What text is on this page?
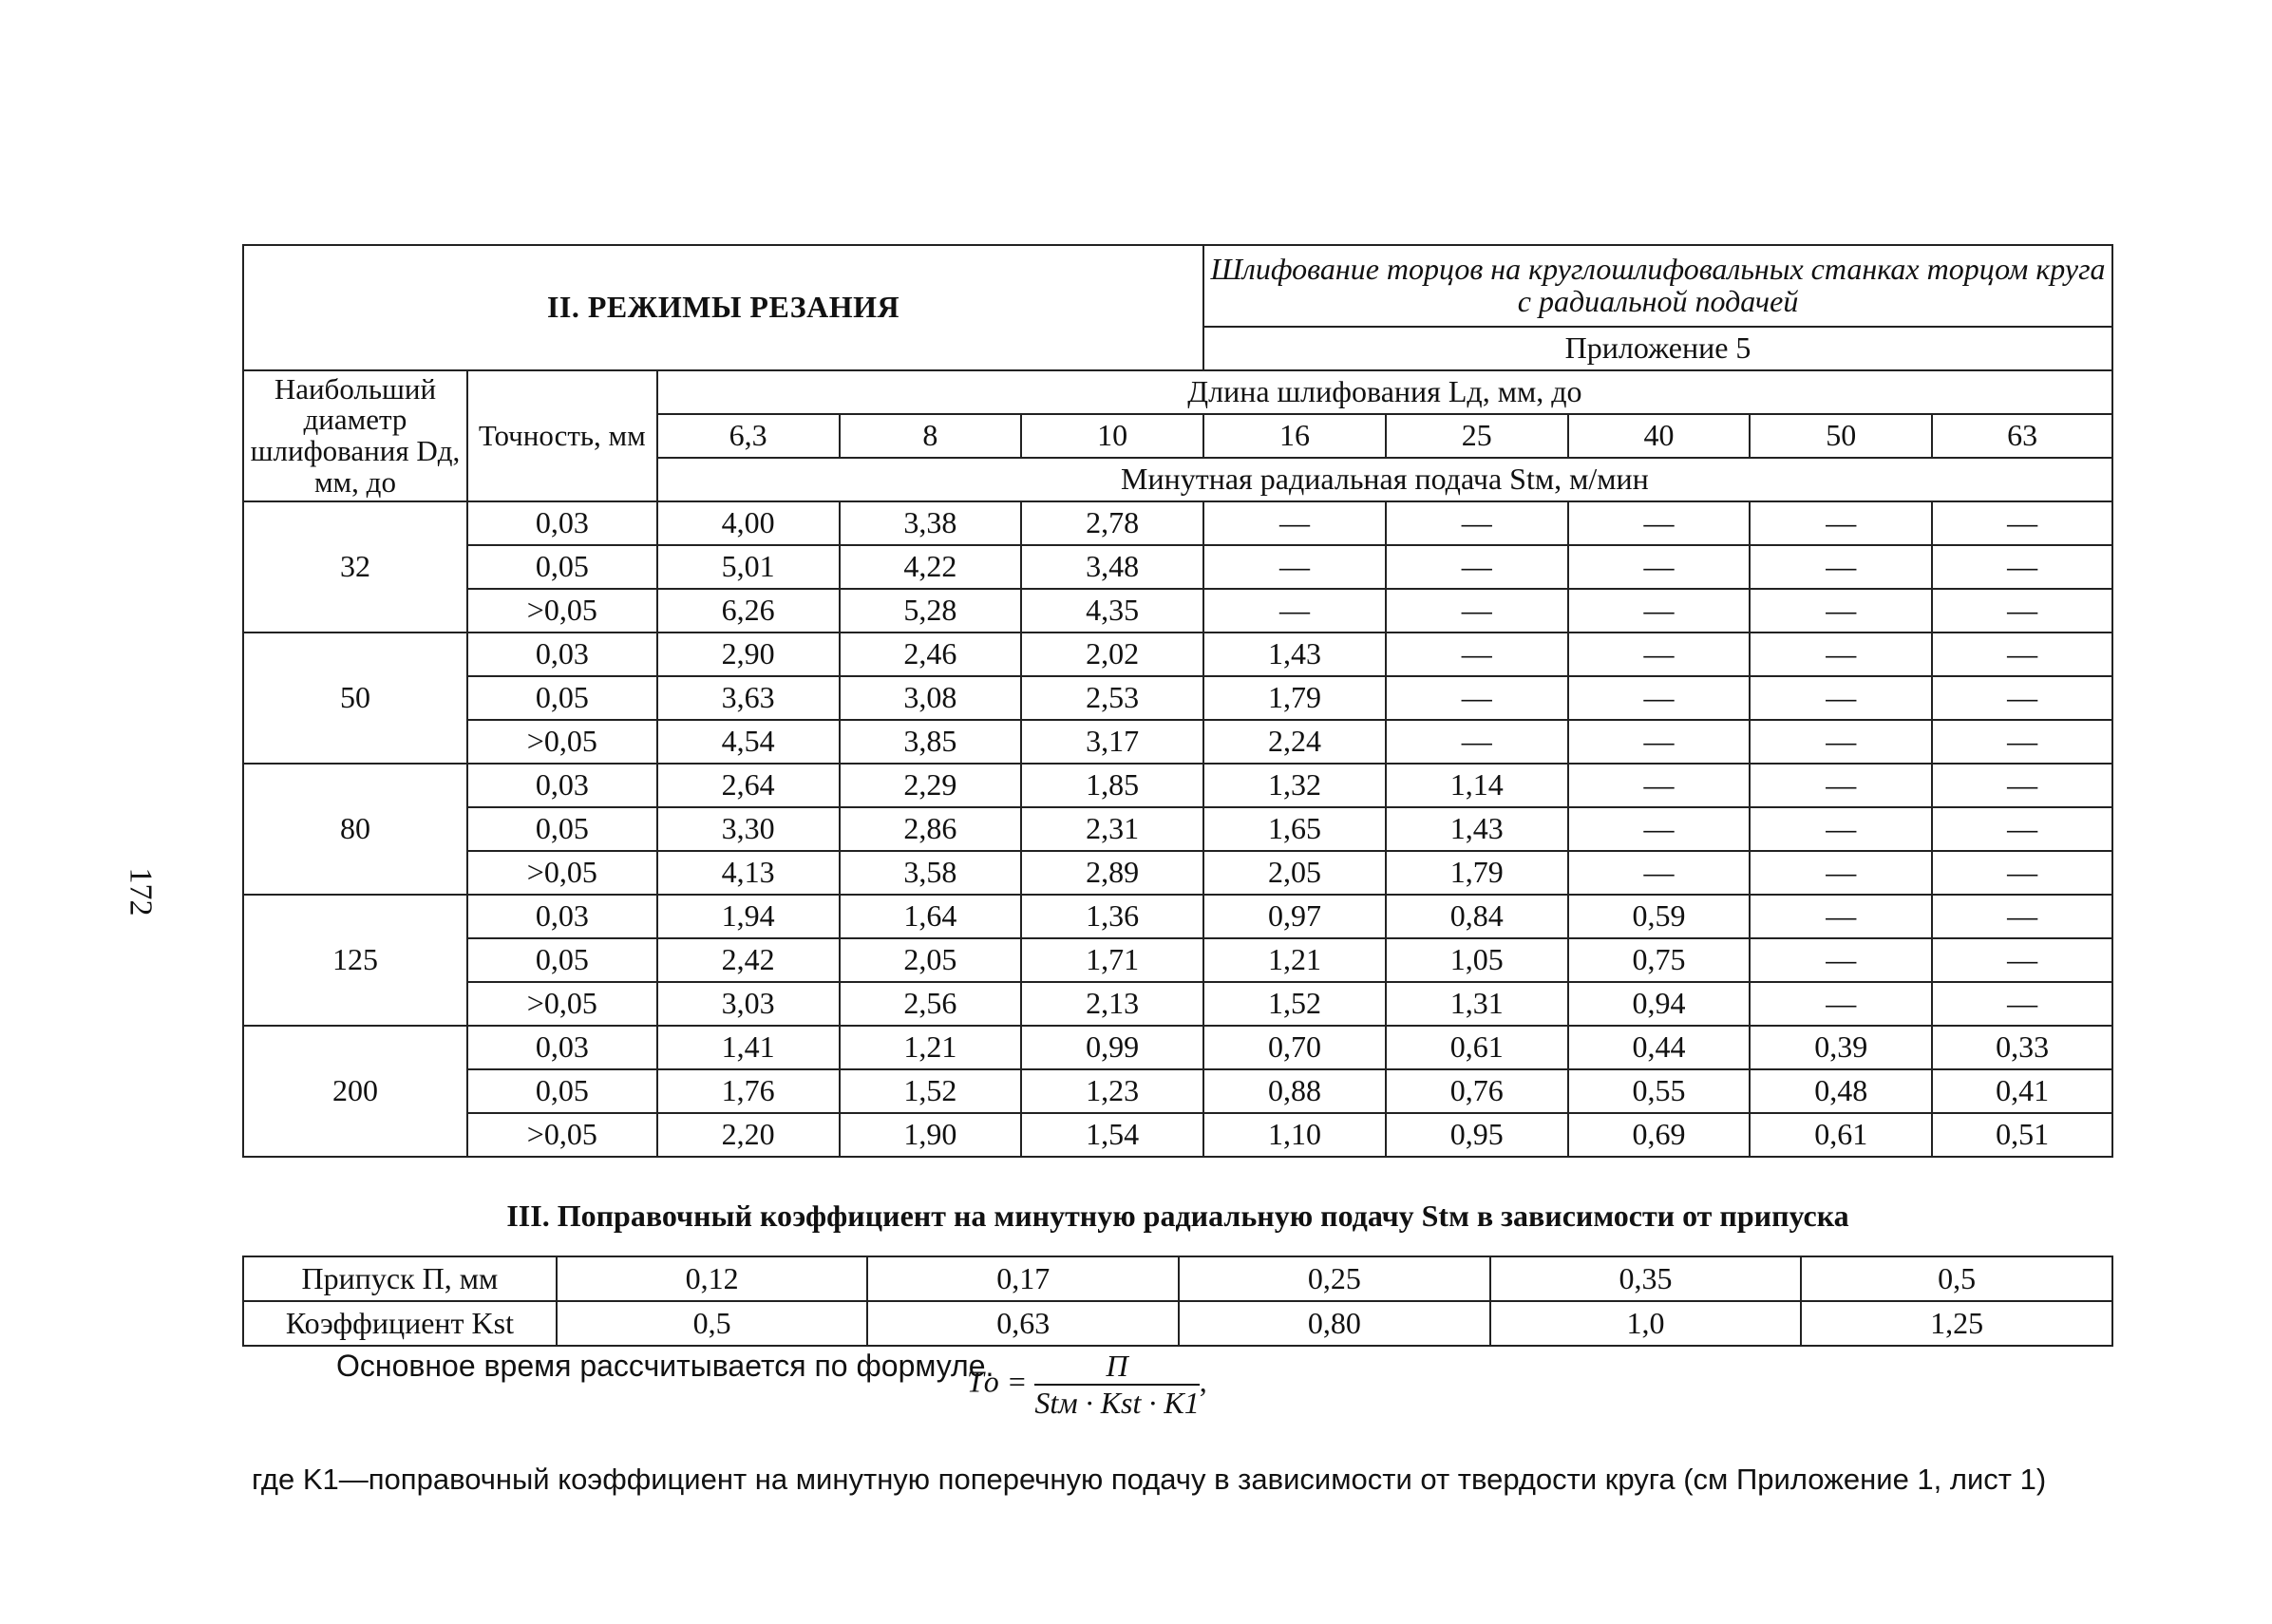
172
II. РЕЖИМЫ РЕЗАНИЯ					Шлифование торцов на круглошлифовальных станках торцом круга
с радиальной подачей				
					Приложение 5				
Наибольший диаметр шлифования Dд, мм, до	Точность, мм	Длина шлифования Lд, мм, до							
		6,3	8	10	16	25	40	50	63
		Минутная радиальная подача Stм, м/мин							
32	0,03	4,00	3,38	2,78	—	—	—	—	—
	0,05	5,01	4,22	3,48	—	—	—	—	—
	>0,05	6,26	5,28	4,35	—	—	—	—	—
50	0,03	2,90	2,46	2,02	1,43	—	—	—	—
	0,05	3,63	3,08	2,53	1,79	—	—	—	—
	>0,05	4,54	3,85	3,17	2,24	—	—	—	—
80	0,03	2,64	2,29	1,85	1,32	1,14	—	—	—
	0,05	3,30	2,86	2,31	1,65	1,43	—	—	—
	>0,05	4,13	3,58	2,89	2,05	1,79	—	—	—
125	0,03	1,94	1,64	1,36	0,97	0,84	0,59	—	—
	0,05	2,42	2,05	1,71	1,21	1,05	0,75	—	—
	>0,05	3,03	2,56	2,13	1,52	1,31	0,94	—	—
200	0,03	1,41	1,21	0,99	0,70	0,61	0,44	0,39	0,33
	0,05	1,76	1,52	1,23	0,88	0,76	0,55	0,48	0,41
	>0,05	2,20	1,90	1,54	1,10	0,95	0,69	0,61	0,51
III. Поправочный коэффициент на минутную радиальную подачу Stм в зависимости от припуска
Припуск П, мм	0,12	0,17	0,25	0,35	0,5
Коэффициент Kst	0,5	0,63	0,80	1,0	1,25
Основное время рассчитывается по формуле.
Tо = $\frac{П}{\text{Stм · Kst · K1}}$ ,
где K1—поправочный коэффициент на минутную поперечную подачу в зависимости от твердости круга (см Приложение 1, лист 1)
